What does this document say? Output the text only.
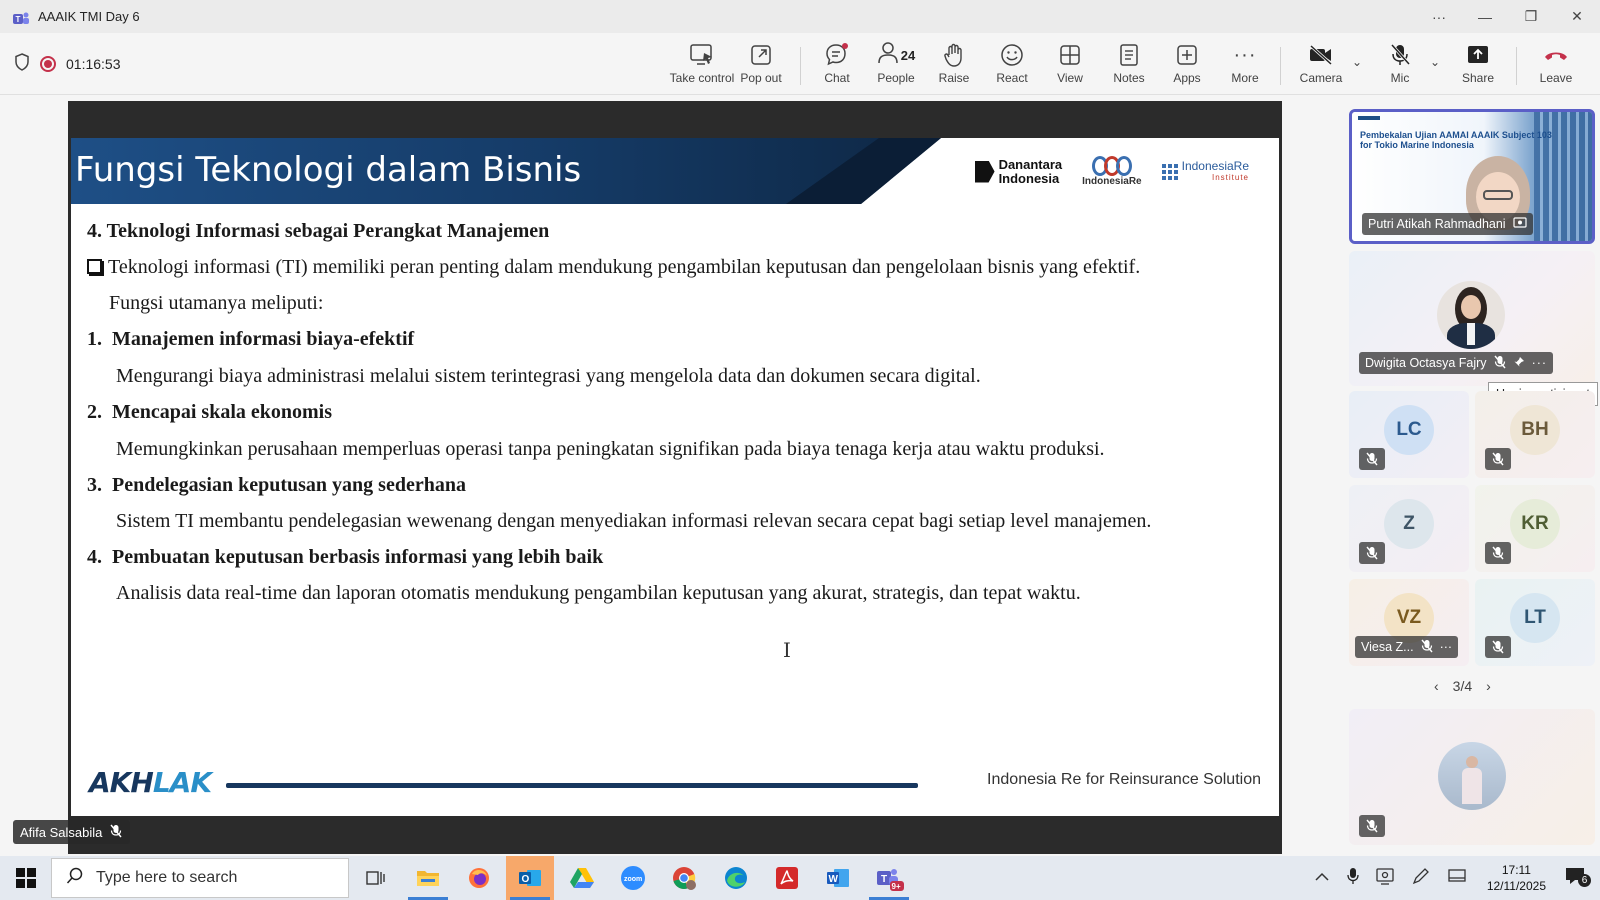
T AAAIK TMI Day 6	···	—	❐	✕
01:16:53
Take control Pop out	Chat
24
People Raise React View	Notes Apps
···
More	Camera
⌄
Mic
⌄
Share	Leave
Fungsi Teknologi dalam Bisnis	Danantara
Indonesia IndonesiaRe
IndonesiaRe
Institute
4. Teknologi Informasi sebagai Perangkat Manajemen
Teknologi informasi (TI) memiliki peran penting dalam mendukung pengambilan keputusan dan pengelolaan bisnis yang efektif.
Fungsi utamanya meliputi:
1. Manajemen informasi biaya-efektif
Mengurangi biaya administrasi melalui sistem terintegrasi yang mengelola data dan dokumen secara digital.
2. Mencapai skala ekonomis
Memungkinkan perusahaan memperluas operasi tanpa peningkatan signifikan pada biaya tenaga kerja atau waktu produksi.
3. Pendelegasian keputusan yang sederhana
Sistem TI membantu pendelegasian wewenang dengan menyediakan informasi relevan secara cepat bagi setiap level manajemen.
4. Pembuatan keputusan berbasis informasi yang lebih baik
Analisis data real-time dan laporan otomatis mendukung pengambilan keputusan yang akurat, strategis, dan tepat waktu.
I
AKHLAK	Indonesia Re for Reinsurance Solution
Afifa Salsabila
Pembekalan Ujian AAMAI AAAIK Subject 103 for Tokio Marine Indonesia
Putri Atikah Rahmadhani
Dwigita Octasya Fajry	···
LC	BH
Z	KR
VZ
Viesa Z... ···
LT
‹ 3/4 ›
Type here to search	O	zoom	W	T
9+
17:11
12/11/2025	6
